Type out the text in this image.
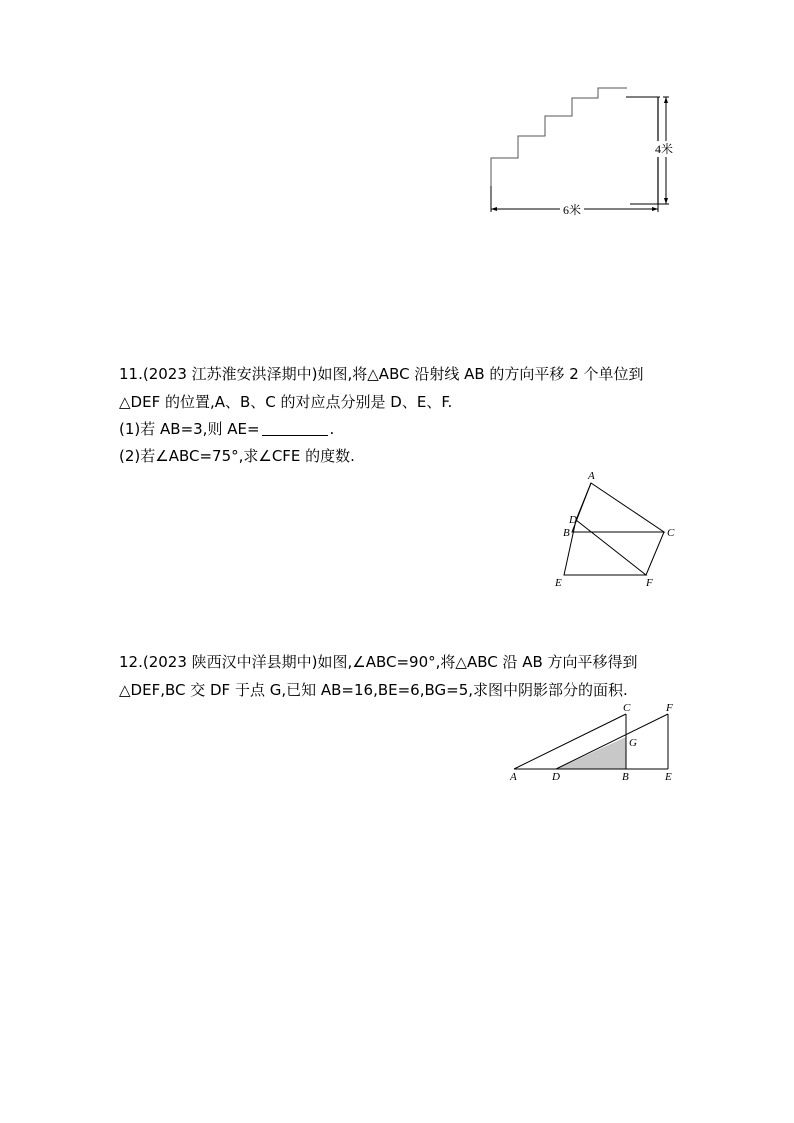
4米
6米
11.(2023 江苏淮安洪泽期中)如图,将△ABC 沿射线 AB 的方向平移 2 个单位到
△DEF 的位置,A、B、C 的对应点分别是 D、E、F.
(1)若 AB=3,则 AE=	.
(2)若∠ABC=75°,求∠CFE 的度数.
A
D
B	C
E	F
12.(2023 陕西汉中洋县期中)如图,∠ABC=90°,将△ABC 沿 AB 方向平移得到
△DEF,BC 交 DF 于点 G,已知 AB=16,BE=6,BG=5,求图中阴影部分的面积.
C	F
G
A	D	B	E
